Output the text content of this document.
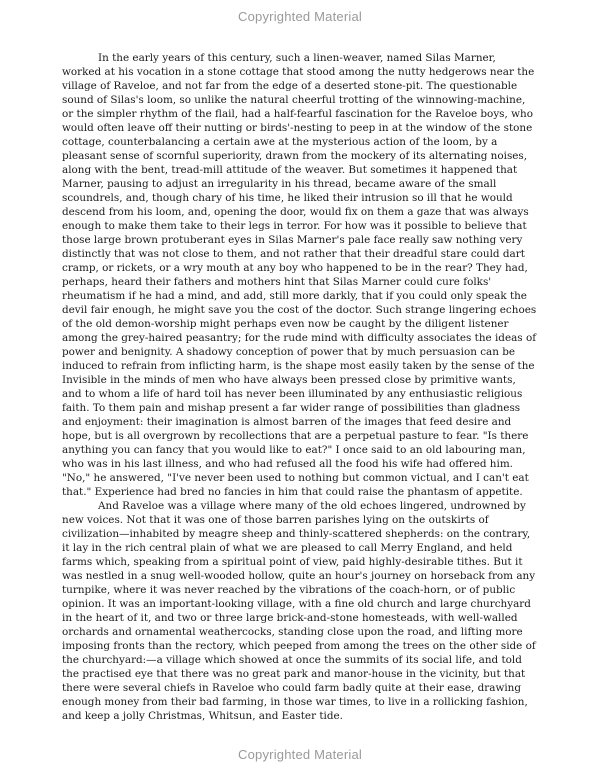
Copyrighted Material

In the early years of this century, such a linen-weaver, named Silas Marner, worked at his vocation in a stone cottage that stood among the nutty hedgerows near the village of Raveloe, and not far from the edge of a deserted stone-pit. The questionable sound of Silas's loom, so unlike the natural cheerful trotting of the winnowing-machine, or the simpler rhythm of the flail, had a half-fearful fascination for the Raveloe boys, who would often leave off their nutting or birds'-nesting to peep in at the window of the stone cottage, counterbalancing a certain awe at the mysterious action of the loom, by a pleasant sense of scornful superiority, drawn from the mockery of its alternating noises, along with the bent, tread-mill attitude of the weaver. But sometimes it happened that Marner, pausing to adjust an irregularity in his thread, became aware of the small scoundrels, and, though chary of his time, he liked their intrusion so ill that he would descend from his loom, and, opening the door, would fix on them a gaze that was always enough to make them take to their legs in terror. For how was it possible to believe that those large brown protuberant eyes in Silas Marner's pale face really saw nothing very distinctly that was not close to them, and not rather that their dreadful stare could dart cramp, or rickets, or a wry mouth at any boy who happened to be in the rear? They had, perhaps, heard their fathers and mothers hint that Silas Marner could cure folks' rheumatism if he had a mind, and add, still more darkly, that if you could only speak the devil fair enough, he might save you the cost of the doctor. Such strange lingering echoes of the old demon-worship might perhaps even now be caught by the diligent listener among the grey-haired peasantry; for the rude mind with difficulty associates the ideas of power and benignity. A shadowy conception of power that by much persuasion can be induced to refrain from inflicting harm, is the shape most easily taken by the sense of the Invisible in the minds of men who have always been pressed close by primitive wants, and to whom a life of hard toil has never been illuminated by any enthusiastic religious faith. To them pain and mishap present a far wider range of possibilities than gladness and enjoyment: their imagination is almost barren of the images that feed desire and hope, but is all overgrown by recollections that are a perpetual pasture to fear. "Is there anything you can fancy that you would like to eat?" I once said to an old labouring man, who was in his last illness, and who had refused all the food his wife had offered him. "No," he answered, "I've never been used to nothing but common victual, and I can't eat that." Experience had bred no fancies in him that could raise the phantasm of appetite.

And Raveloe was a village where many of the old echoes lingered, undrowned by new voices. Not that it was one of those barren parishes lying on the outskirts of civilization—inhabited by meagre sheep and thinly-scattered shepherds: on the contrary, it lay in the rich central plain of what we are pleased to call Merry England, and held farms which, speaking from a spiritual point of view, paid highly-desirable tithes. But it was nestled in a snug well-wooded hollow, quite an hour's journey on horseback from any turnpike, where it was never reached by the vibrations of the coach-horn, or of public opinion. It was an important-looking village, with a fine old church and large churchyard in the heart of it, and two or three large brick-and-stone homesteads, with well-walled orchards and ornamental weathercocks, standing close upon the road, and lifting more imposing fronts than the rectory, which peeped from among the trees on the other side of the churchyard:—a village which showed at once the summits of its social life, and told the practised eye that there was no great park and manor-house in the vicinity, but that there were several chiefs in Raveloe who could farm badly quite at their ease, drawing enough money from their bad farming, in those war times, to live in a rollicking fashion, and keep a jolly Christmas, Whitsun, and Easter tide.

Copyrighted Material
